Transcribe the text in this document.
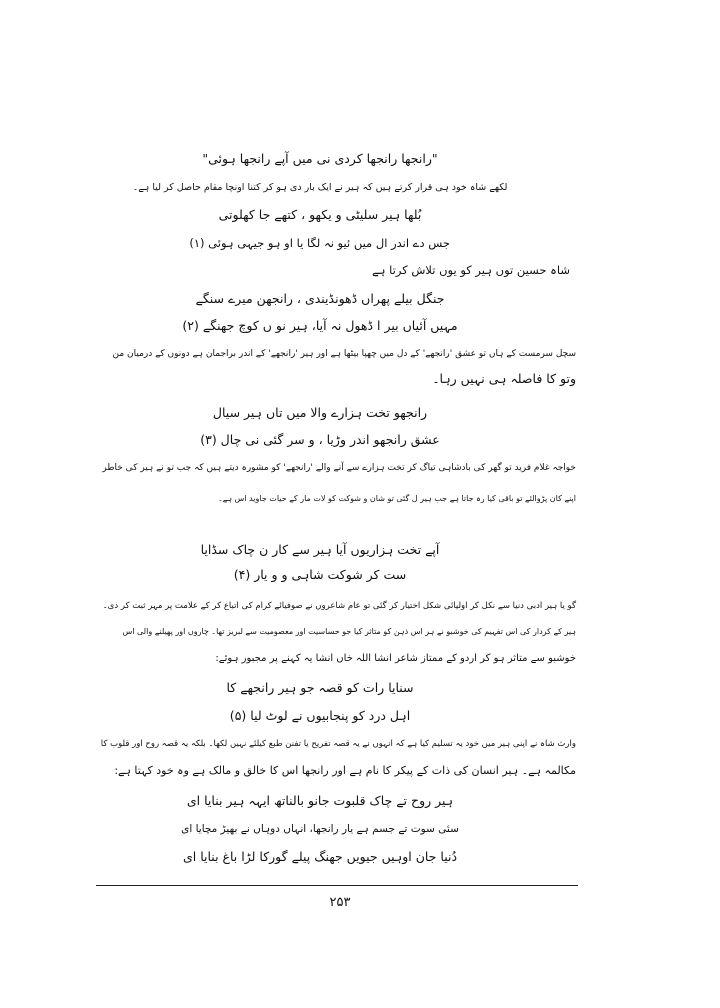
"رانجھا رانجھا کردی نی میں آپے رانجھا ہوئی"
لکھے شاہ خود ہی قرار کرتے ہیں کہ ہیر نے ایک بار دی ہو کر کتنا اونچا مقام حاصل کر لیا ہے۔
بُلھا ہیر سلیٹی و یکھو ، کتھے جا کھلوتی
جس دے اندر ال میں ئیو نہ لگا یا او ہو جیہی ہوئی (۱)
شاہ حسین توں ہیر کو یوں تلاش کرتا ہے
جنگل بیلے پھراں ڈھونڈیندی ، رانجھن میرے سنگے
مہیں آئیاں بیر ا ڈھول نہ آیا، ہیر نو ں کوچ جھنگے (۲)
سچل سرمست کے ہاں تو عشق 'رانجھے' کے دل میں چھپا بیٹھا ہے اور ہیر 'رانجھے' کے اندر براجمان ہے دونوں کے درمیان من
وتو کا فاصلہ ہی نہیں رہا۔
رانجھو تخت ہزارے والا میں تاں ہیر سیال
عشق رانجھو اندر وڑیا ، و سر گئی نی چال (۳)
خواجہ غلام فرید تو گھر کی بادشاہی تیاگ کر تخت ہزارے سے آنے والے 'رانجھے' کو مشورہ دیتے ہیں کہ جب تو نے ہیر کی خاطر
اپنے کان پڑوالئے تو باقی کیا رہ جاتا ہے جب ہیر ل گئی تو شان و شوکت کو لات مار کے حیات جاوید اس ہے۔
آپے تخت ہزاریوں آیا ہیر سے کار ن چاک سڈایا
ست کر شوکت شاہی و و یار (۴)
گو یا ہیر ادبی دنیا سے نکل کر اولیائی شکل اختیار کر گئی تو عام شاعروں نے صوفیائے کرام کی اتباع کر کے علامت پر مہر ثبت کر دی۔
ہیر کے کردار کی اس تفہیم کی خوشبو نے ہر اس ذہن کو متاثر کیا جو حساسیت اور معصومیت سے لبریز تھا۔ چاروں اور پھیلنے والی اس
خوشبو سے متاثر ہو کر اردو کے ممتاز شاعر انشا اللہ خاں انشا یہ کہنے پر مجبور ہوئے:
سنایا رات کو قصہ جو ہیر رانجھے کا
اہل درد کو پنجابیوں نے لوٹ لیا (۵)
وارث شاہ نے اپنی ہیر میں خود یہ تسلیم کیا ہے کہ انہوں نے یہ قصہ تفریح یا تفنن طبع کیلئے نہیں لکھا۔ بلکہ یہ قصہ روح اور قلوب کا
مکالمہ ہے۔ ہیر انسان کی ذات کے پیکر کا نام ہے اور رانجھا اس کا خالق و مالک ہے وہ خود کہتا ہے:
ہیر روح تے چاک قلبوت جانو بالناتھ ایہہ ہیر بنایا ای
سئی سوت تے جسم ہے یار رانجھا، انہاں دوہاں نے بھیڑ مچایا ای
دُنیا جان اوہیں جیویں جھنگ پیلے گورکا لڑا باغ بنایا ای
۲۵۳
